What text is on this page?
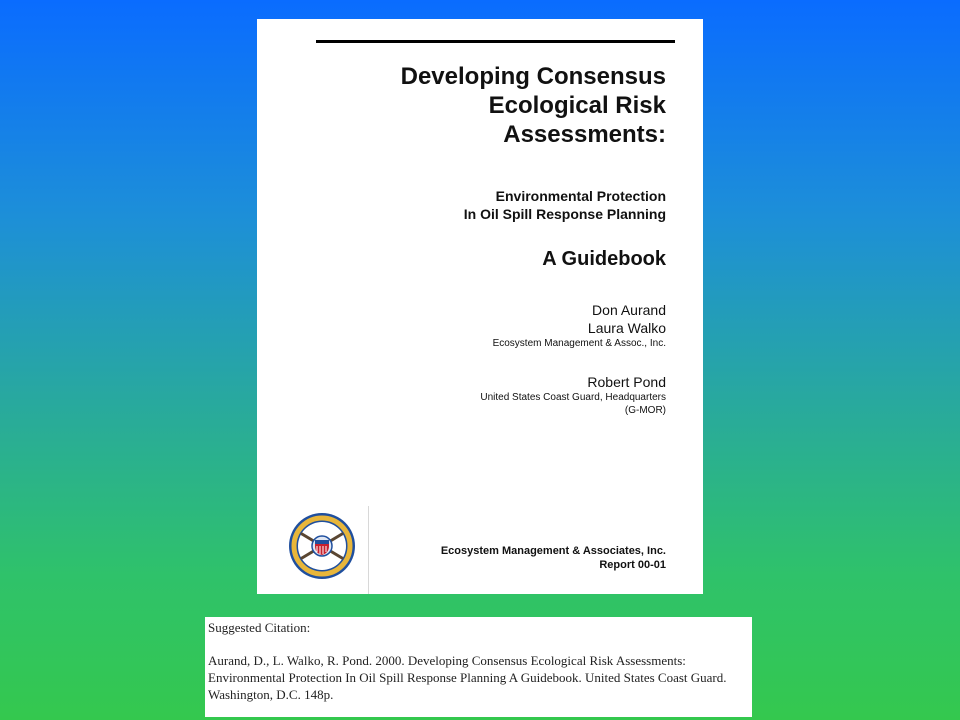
Developing Consensus Ecological Risk Assessments:
Environmental Protection
In Oil Spill Response Planning
A Guidebook
Don Aurand
Laura Walko
Ecosystem Management & Assoc., Inc.
Robert Pond
United States Coast Guard, Headquarters
(G-MOR)
Ecosystem Management & Associates, Inc.
Report 00-01
Suggested Citation:
Aurand, D., L. Walko, R. Pond. 2000. Developing Consensus Ecological Risk Assessments: Environmental Protection In Oil Spill Response Planning A Guidebook. United States Coast Guard. Washington, D.C. 148p.
